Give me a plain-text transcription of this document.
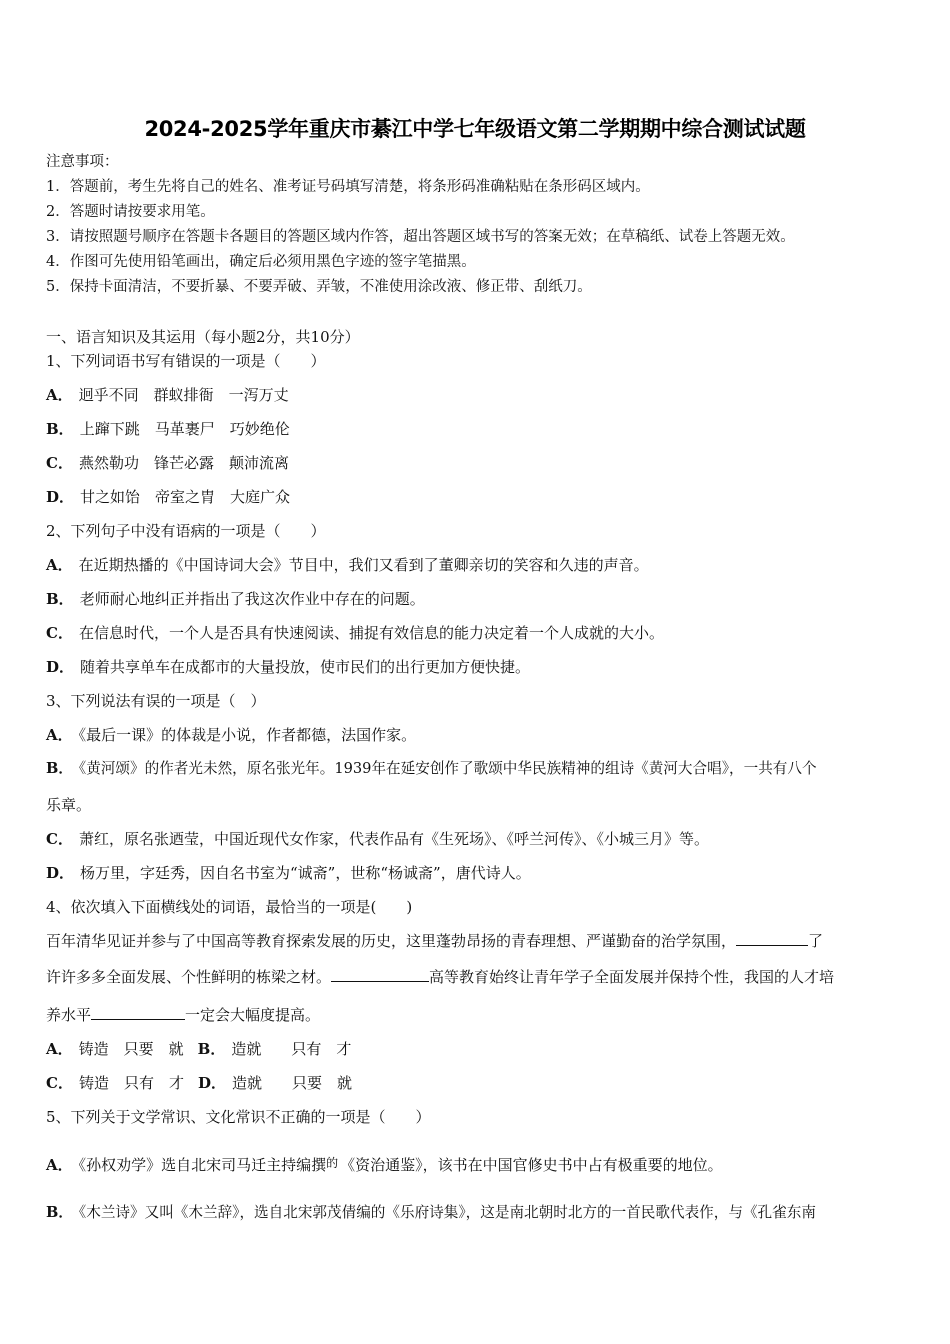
2024-2025学年重庆市綦江中学七年级语文第二学期期中综合测试试题
注意事项：
1．答题前，考生先将自己的姓名、准考证号码填写清楚，将条形码准确粘贴在条形码区域内。
2．答题时请按要求用笔。
3．请按照题号顺序在答题卡各题目的答题区域内作答，超出答题区域书写的答案无效；在草稿纸、试卷上答题无效。
4．作图可先使用铅笔画出，确定后必须用黑色字迹的签字笔描黑。
5．保持卡面清洁，不要折暴、不要弄破、弄皱，不准使用涂改液、修正带、刮纸刀。
一、语言知识及其运用（每小题2分，共10分）
1、下列词语书写有错误的一项是（　　）
A． 迥乎不同　群蚁排衙　一泻万丈
B． 上蹿下跳　马革裹尸　巧妙绝伦
C． 燕然勒功　锋芒必露　颠沛流离
D． 甘之如饴　帝室之胄　大庭广众
2、下列句子中没有语病的一项是（　　）
A． 在近期热播的《中国诗词大会》节目中，我们又看到了董卿亲切的笑容和久违的声音。
B． 老师耐心地纠正并指出了我这次作业中存在的问题。
C． 在信息时代，一个人是否具有快速阅读、捕捉有效信息的能力决定着一个人成就的大小。
D． 随着共享单车在成都市的大量投放，使市民们的出行更加方便快捷。
3、下列说法有误的一项是（　）
A． 《最后一课》的体裁是小说，作者都德，法国作家。
B． 《黄河颂》的作者光未然，原名张光年。1939年在延安创作了歌颂中华民族精神的组诗《黄河大合唱》，一共有八个
乐章。
C． 萧红，原名张迺莹，中国近现代女作家，代表作品有《生死场》、《呼兰河传》、《小城三月》等。
D． 杨万里，字廷秀，因自名书室为“诚斋”，世称“杨诚斋”，唐代诗人。
4、依次填入下面横线处的词语，最恰当的一项是(　　)
百年清华见证并参与了中国高等教育探索发展的历史，这里蓬勃昂扬的青春理想、严谨勤奋的治学氛围，	了
许许多多全面发展、个性鲜明的栋梁之材。	高等教育始终让青年学子全面发展并保持个性，我国的人才培
养水平	一定会大幅度提高。
A． 铸造　只要　就 B． 造就　　只有　才
C． 铸造　只有　才 D． 造就　　只要　就
5、下列关于文学常识、文化常识不正确的一项是（　　）
A． 《孙权劝学》选自北宋司马迁主持编撰 的 《资治通鉴》，该书在中国官修史书中占有极重要的地位。
B． 《木兰诗》又叫《木兰辞》，选自北宋郭茂倩编的《乐府诗集》，这是南北朝时北方的一首民歌代表作，与《孔雀东南
